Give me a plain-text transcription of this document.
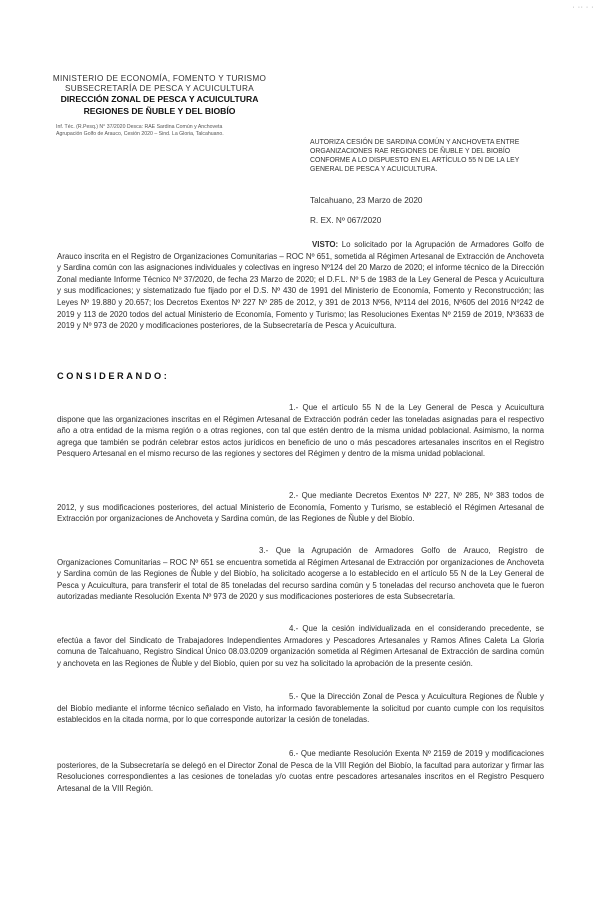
· ·· · ·
MINISTERIO DE ECONOMÍA, FOMENTO Y TURISMO
SUBSECRETARÍA DE PESCA Y ACUICULTURA
DIRECCIÓN ZONAL DE PESCA Y ACUICULTURA
REGIONES DE ÑUBLE Y DEL BIOBÍO
Inf. Téc. (R.Pesq.) N° 37/2020 Desca: RAE Sardina Común y Anchoveta
Agrupación Golfo de Arauco, Cesión 2020 – Sind. La Gloria, Talcahuano.
AUTORIZA CESIÓN DE SARDINA COMÚN Y ANCHOVETA ENTRE ORGANIZACIONES RAE REGIONES DE ÑUBLE Y DEL BIOBÍO CONFORME A LO DISPUESTO EN EL ARTÍCULO 55 N DE LA LEY GENERAL DE PESCA Y ACUICULTURA.
Talcahuano, 23 Marzo de 2020
R. EX. Nº 067/2020
VISTO: Lo solicitado por la Agrupación de Armadores Golfo de Arauco inscrita en el Registro de Organizaciones Comunitarias – ROC Nº 651, sometida al Régimen Artesanal de Extracción de Anchoveta y Sardina común con las asignaciones individuales y colectivas en ingreso Nº124 del 20 Marzo de 2020; el informe técnico de la Dirección Zonal mediante Informe Técnico Nº 37/2020, de fecha 23 Marzo de 2020; el D.F.L. Nº 5 de 1983 de la Ley General de Pesca y Acuicultura y sus modificaciones; y sistematizado fue fijado por el D.S. Nº 430 de 1991 del Ministerio de Economía, Fomento y Reconstrucción; las Leyes Nº 19.880 y 20.657; los Decretos Exentos Nº 227 Nº 285 de 2012, y 391 de 2013 Nº56, Nº114 del 2016, Nº605 del 2016 Nº242 de 2019 y 113 de 2020 todos del actual Ministerio de Economía, Fomento y Turismo; las Resoluciones Exentas Nº 2159 de 2019, Nº3633 de 2019 y Nº 973 de 2020 y modificaciones posteriores, de la Subsecretaría de Pesca y Acuicultura.
CONSIDERANDO:
1.- Que el artículo 55 N de la Ley General de Pesca y Acuicultura dispone que las organizaciones inscritas en el Régimen Artesanal de Extracción podrán ceder las toneladas asignadas para el respectivo año a otra entidad de la misma región o a otras regiones, con tal que estén dentro de la misma unidad poblacional. Asimismo, la norma agrega que también se podrán celebrar estos actos jurídicos en beneficio de uno o más pescadores artesanales inscritos en el Registro Pesquero Artesanal en el mismo recurso de las regiones y sectores del Régimen y dentro de la misma unidad poblacional.
2.- Que mediante Decretos Exentos Nº 227, Nº 285, Nº 383 todos de 2012, y sus modificaciones posteriores, del actual Ministerio de Economía, Fomento y Turismo, se estableció el Régimen Artesanal de Extracción por organizaciones de Anchoveta y Sardina común, de las Regiones de Ñuble y del Biobío.
3.- Que la Agrupación de Armadores Golfo de Arauco, Registro de Organizaciones Comunitarias – ROC Nº 651 se encuentra sometida al Régimen Artesanal de Extracción por organizaciones de Anchoveta y Sardina común de las Regiones de Ñuble y del Biobío, ha solicitado acogerse a lo establecido en el artículo 55 N de la Ley General de Pesca y Acuicultura, para transferir el total de 85 toneladas del recurso sardina común y 5 toneladas del recurso anchoveta que le fueron autorizadas mediante Resolución Exenta Nº 973 de 2020 y sus modificaciones posteriores de esta Subsecretaría.
4.- Que la cesión individualizada en el considerando precedente, se efectúa a favor del Sindicato de Trabajadores Independientes Armadores y Pescadores Artesanales y Ramos Afines Caleta La Gloria comuna de Talcahuano, Registro Sindical Único 08.03.0209 organización sometida al Régimen Artesanal de Extracción de sardina común y anchoveta en las Regiones de Ñuble y del Biobío, quien por su vez ha solicitado la aprobación de la presente cesión.
5.- Que la Dirección Zonal de Pesca y Acuicultura Regiones de Ñuble y del Biobío mediante el informe técnico señalado en Visto, ha informado favorablemente la solicitud por cuanto cumple con los requisitos establecidos en la citada norma, por lo que corresponde autorizar la cesión de toneladas.
6.- Que mediante Resolución Exenta Nº 2159 de 2019 y modificaciones posteriores, de la Subsecretaría se delegó en el Director Zonal de Pesca de la VIII Región del Biobío, la facultad para autorizar y firmar las Resoluciones correspondientes a las cesiones de toneladas y/o cuotas entre pescadores artesanales inscritos en el Registro Pesquero Artesanal de la VIII Región.
